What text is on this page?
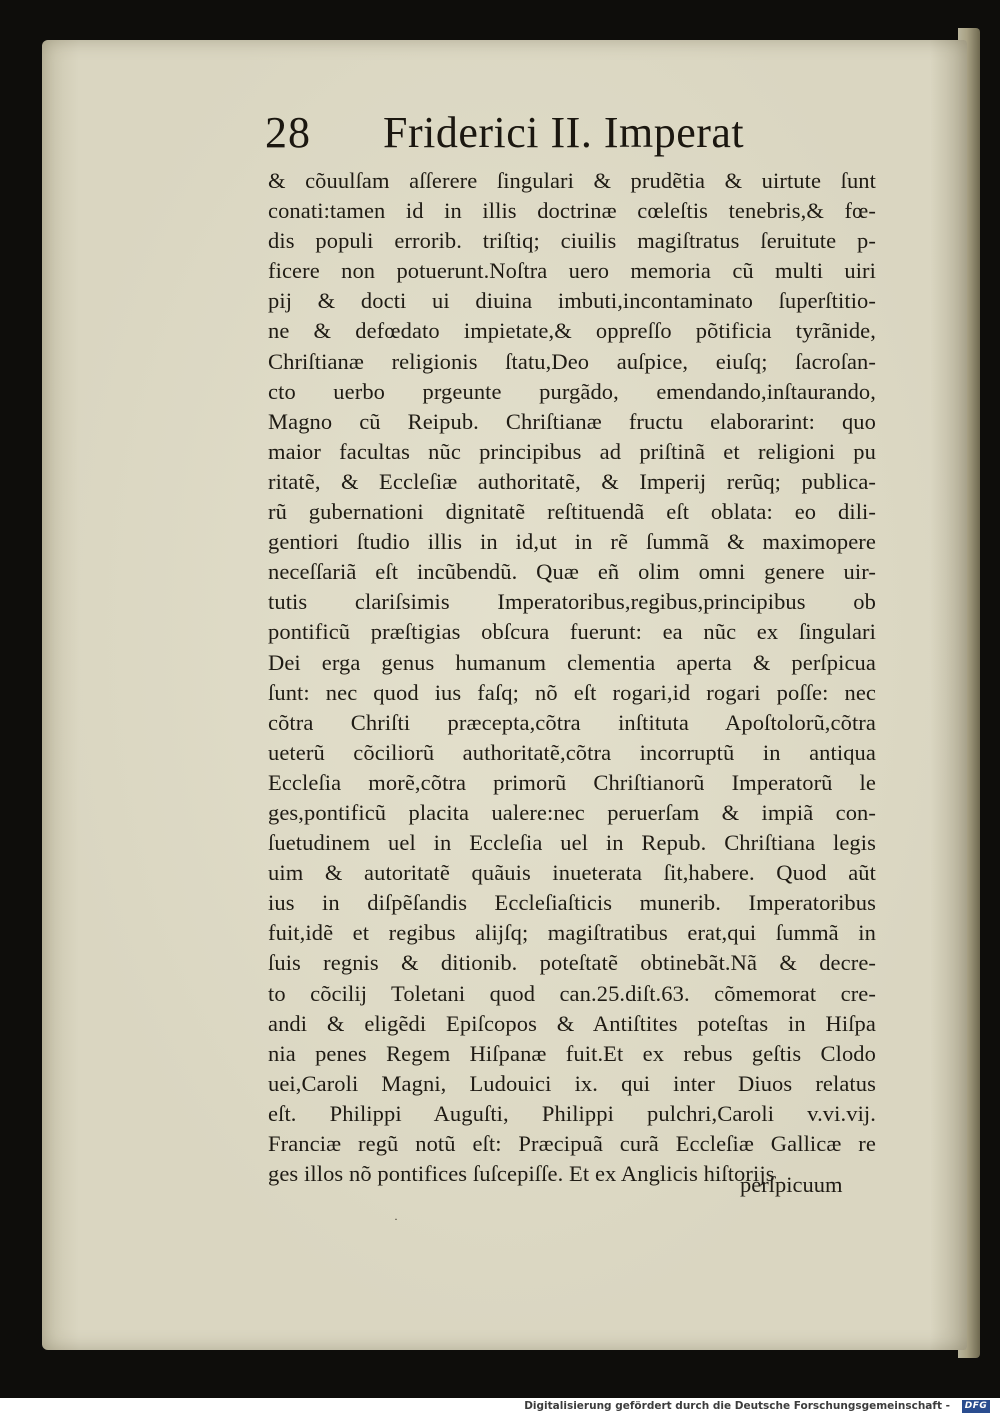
28	Friderici II. Imperat
& cõuulſam aſſerere ſingulari & prudẽtia & uirtute ſunt
conati:tamen id in illis doctrinæ cœleſtis tenebris,& fœ-
dis populi errorib. triſtiq; ciuilis magiſtratus ſeruitute p-
ficere non potuerunt.Noſtra uero memoria cũ multi uiri
pij & docti ui diuina imbuti,incontaminato ſuperſtitio-
ne & defœdato impietate,& oppreſſo põtificia tyrãnide,
Chriſtianæ religionis ſtatu,Deo auſpice, eiuſq; ſacroſan-
cto uerbo prgeunte purgãdo, emendando,inſtaurando,
Magno cũ Reipub. Chriſtianæ fructu elaborarint: quo
maior facultas nũc principibus ad priſtinã et religioni pu
ritatẽ, & Eccleſiæ authoritatẽ, & Imperij rerũq; publica-
rũ gubernationi dignitatẽ reſtituendã eſt oblata: eo dili-
gentiori ſtudio illis in id,ut in rẽ ſummã & maximopere
neceſſariã eſt incũbendũ. Quæ eñ olim omni genere uir-
tutis clariſsimis Imperatoribus,regibus,principibus ob
pontificũ præſtigias obſcura fuerunt: ea nũc ex ſingulari
Dei erga genus humanum clementia aperta & perſpicua
ſunt: nec quod ius faſq; nõ eſt rogari,id rogari poſſe: nec
cõtra Chriſti præcepta,cõtra inſtituta Apoſtolorũ,cõtra
ueterũ cõciliorũ authoritatẽ,cõtra incorruptũ in antiqua
Eccleſia morẽ,cõtra primorũ Chriſtianorũ Imperatorũ le
ges,pontificũ placita ualere:nec peruerſam & impiã con-
ſuetudinem uel in Eccleſia uel in Repub. Chriſtiana legis
uim & autoritatẽ quãuis inueterata ſit,habere. Quod aũt
ius in diſpẽſandis Eccleſiaſticis munerib. Imperatoribus
fuit,idẽ et regibus alijſq; magiſtratibus erat,qui ſummã in
ſuis regnis & ditionib. poteſtatẽ obtinebãt.Nã & decre-
to cõcilij Toletani quod can.25.diſt.63. cõmemorat cre-
andi & eligẽdi Epiſcopos & Antiſtites poteſtas in Hiſpa
nia penes Regem Hiſpanæ fuit.Et ex rebus geſtis Clodo
uei,Caroli Magni, Ludouici ix. qui inter Diuos relatus
eſt. Philippi Auguſti, Philippi pulchri,Caroli v.vi.vij.
Franciæ regũ notũ eſt: Præcipuã curã Eccleſiæ Gallicæ re
ges illos nõ pontifices ſuſcepiſſe. Et ex Anglicis hiſtorijs
perſpicuum
·
Digitalisierung gefördert durch die Deutsche Forschungsgemeinschaft -	DFG
